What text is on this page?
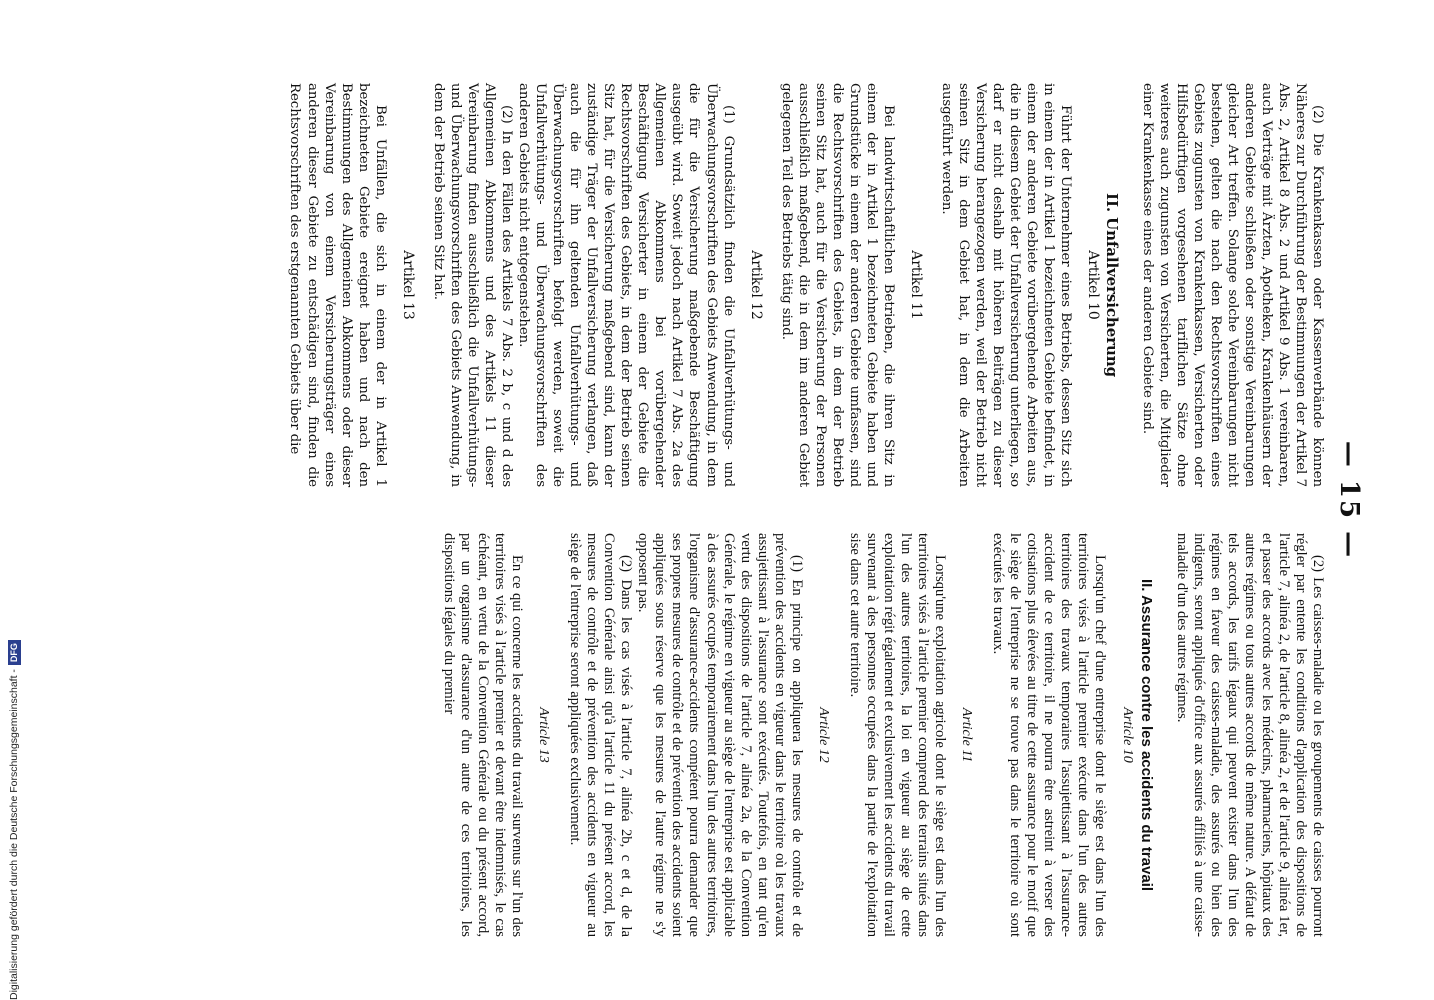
— 15 —

(2) Die Krankenkassen oder Kassenverbände können Näheres zur Durchführung der Bestimmungen der Artikel 7 Abs. 2, Artikel 8 Abs. 2 und Artikel 9 Abs. 1 vereinbaren, auch Verträge mit Ärzten, Apotheken, Krankenhäusern der anderen Gebiete schließen oder sonstige Vereinbarungen gleicher Art treffen. Solange solche Vereinbarungen nicht bestehen, gelten die nach den Rechtsvorschriften eines Gebiets zugunsten von Krankenkassen, Versicherten oder Hilfsbedürftigen vorgesehenen tariflichen Sätze ohne weiteres auch zugunsten von Versicherten, die Mitglieder einer Krankenkasse eines der anderen Gebiete sind.

II. Unfallversicherung
Artikel 10

Führt der Unternehmer eines Betriebs, dessen Sitz sich in einem der in Artikel 1 bezeichneten Gebiete befindet, in einem der anderen Gebiete vorübergehende Arbeiten aus, die in diesem Gebiet der Unfallversicherung unterliegen, so darf er nicht deshalb mit höheren Beiträgen zu dieser Versicherung herangezogen werden, weil der Betrieb nicht seinen Sitz in dem Gebiet hat, in dem die Arbeiten ausgeführt werden.

Artikel 11

Bei landwirtschaftlichen Betrieben, die ihren Sitz in einem der in Artikel 1 bezeichneten Gebiete haben und Grundstücke in einem der anderen Gebiete umfassen, sind die Rechtsvorschriften des Gebiets, in dem der Betrieb seinen Sitz hat, auch für die Versicherung der Personen ausschließlich maßgebend, die in dem im anderen Gebiet gelegenen Teil des Betriebs tätig sind.

Artikel 12

(1) Grundsätzlich finden die Unfallverhütungs- und Überwachungsvorschriften des Gebiets Anwendung, in dem die für die Versicherung maßgebende Beschäftigung ausgeübt wird. Soweit jedoch nach Artikel 7 Abs. 2a des Allgemeinen Abkommens bei vorübergehender Beschäftigung Versicherter in einem der Gebiete die Rechtsvorschriften des Gebiets, in dem der Betrieb seinen Sitz hat, für die Versicherung maßgebend sind, kann der zuständige Träger der Unfallversicherung verlangen, daß auch die für ihn geltenden Unfallverhütungs- und Überwachungsvorschriften befolgt werden, soweit die Unfallverhütungs- und Überwachungsvorschriften des anderen Gebiets nicht entgegenstehen.

(2) In den Fällen des Artikels 7 Abs. 2 b, c und d des Allgemeinen Abkommens und des Artikels 11 dieser Vereinbarung finden ausschließlich die Unfallverhütungs- und Überwachungsvorschriften des Gebiets Anwendung, in dem der Betrieb seinen Sitz hat.

Artikel 13

Bei Unfällen, die sich in einem der in Artikel 1 bezeichneten Gebiete ereignet haben und nach den Bestimmungen des Allgemeinen Abkommens oder dieser Vereinbarung von einem Versicherungsträger eines anderen dieser Gebiete zu entschädigen sind, finden die Rechtsvorschriften des erstgenannten Gebiets über die

(2) Les caisses-maladie ou les groupements de caisses pourront régler par entente les conditions d'application des dispositions de l'article 7, alinéa 2, de l'article 8, alinéa 2, et de l'article 9, alinéa 1er, et passer des accords avec les médecins, pharmaciens, hôpitaux des autres régimes ou tous autres accords de même nature. A défaut de tels accords, les tarifs légaux qui peuvent exister dans l'un des régimes en faveur des caisses-maladie, des assurés ou bien des indigents, seront appliqués d'office aux assurés affiliés à une caisse-maladie d'un des autres régimes.

II. Assurance contre les accidents du travail
Article 10

Lorsqu'un chef d'une entreprise dont le siège est dans l'un des territoires visés à l'article premier exécute dans l'un des autres territoires des travaux temporaires l'assujettissant à l'assurance-accident de ce territoire, il ne pourra être astreint à verser des cotisations plus élevées au titre de cette assurance pour le motif que le siège de l'entreprise ne se trouve pas dans le territoire où sont exécutés les travaux.

Article 11

Lorsqu'une exploitation agricole dont le siège est dans l'un des territoires visés à l'article premier comprend des terrains situés dans l'un des autres territoires, la loi en vigueur au siège de cette exploitation régit également et exclusivement les accidents du travail survenant à des personnes occupées dans la partie de l'exploitation sise dans cet autre territoire.

Article 12

(1) En principe on appliquera les mesures de contrôle et de prévention des accidents en vigueur dans le territoire où les travaux assujettissant à l'assurance sont exécutés. Toutefois, en tant qu'en vertu des dispositions de l'article 7, alinéa 2a, de la Convention Générale, le régime en vigueur au siège de l'entreprise est applicable à des assurés occupés temporairement dans l'un des autres territoires, l'organisme d'assurance-accidents compétent pourra demander que ses propres mesures de contrôle et de prévention des accidents soient appliquées sous réserve que les mesures de l'autre régime ne s'y opposent pas.

(2) Dans les cas visés à l'article 7, alinéa 2b, c et d, de la Convention Générale ainsi qu'à l'article 11 du présent accord, les mesures de contrôle et de prévention des accidents en vigueur au siège de l'entreprise seront appliquées exclusivement.

Article 13

En ce qui concerne les accidents du travail survenus sur l'un des territoires visés à l'article premier et devant être indemnisés, le cas échéant, en vertu de la Convention Générale ou du présent accord, par un organisme d'assurance d'un autre de ces territoires, les dispositions légales du premier

Digitalisierung gefördert durch die Deutsche Forschungsgemeinschaft -DFG
